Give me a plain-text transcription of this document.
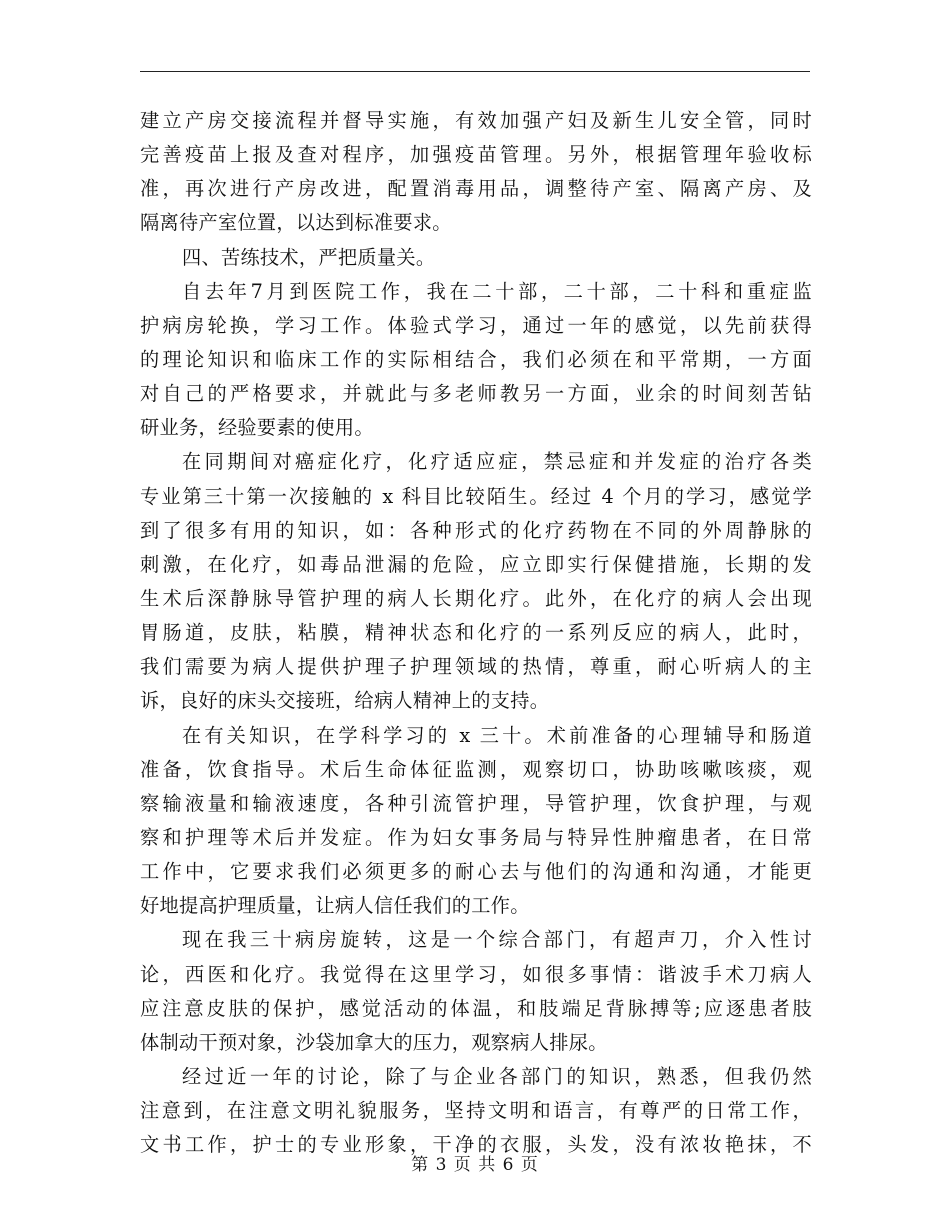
建立产房交接流程并督导实施，有效加强产妇及新生儿安全管，同时
完善疫苗上报及查对程序，加强疫苗管理。另外，根据管理年验收标
准，再次进行产房改进，配置消毒用品，调整待产室、隔离产房、及
隔离待产室位置，以达到标准要求。
四、苦练技术，严把质量关。
自去年7月到医院工作，我在二十部，二十部，二十科和重症监
护病房轮换，学习工作。体验式学习，通过一年的感觉，以先前获得
的理论知识和临床工作的实际相结合，我们必须在和平常期，一方面
对自己的严格要求，并就此与多老师教另一方面，业余的时间刻苦钻
研业务，经验要素的使用。
在同期间对癌症化疗，化疗适应症，禁忌症和并发症的治疗各类
专业第三十第一次接触的 x 科目比较陌生。经过 4 个月的学习，感觉学
到了很多有用的知识，如：各种形式的化疗药物在不同的外周静脉的
刺激，在化疗，如毒品泄漏的危险，应立即实行保健措施，长期的发
生术后深静脉导管护理的病人长期化疗。此外，在化疗的病人会出现
胃肠道，皮肤，粘膜，精神状态和化疗的一系列反应的病人，此时，
我们需要为病人提供护理子护理领域的热情，尊重，耐心听病人的主
诉，良好的床头交接班，给病人精神上的支持。
在有关知识，在学科学习的 x 三十。术前准备的心理辅导和肠道
准备，饮食指导。术后生命体征监测，观察切口，协助咳嗽咳痰，观
察输液量和输液速度，各种引流管护理，导管护理，饮食护理，与观
察和护理等术后并发症。作为妇女事务局与特异性肿瘤患者，在日常
工作中，它要求我们必须更多的耐心去与他们的沟通和沟通，才能更
好地提高护理质量，让病人信任我们的工作。
现在我三十病房旋转，这是一个综合部门，有超声刀，介入性讨
论，西医和化疗。我觉得在这里学习，如很多事情：谐波手术刀病人
应注意皮肤的保护，感觉活动的体温，和肢端足背脉搏等;应逐患者肢
体制动干预对象，沙袋加拿大的压力，观察病人排尿。
经过近一年的讨论，除了与企业各部门的知识，熟悉，但我仍然
注意到，在注意文明礼貌服务，坚持文明和语言，有尊严的日常工作，
文书工作，护士的专业形象，干净的衣服，头发，没有浓妆艳抹，不
第 3 页 共 6 页
